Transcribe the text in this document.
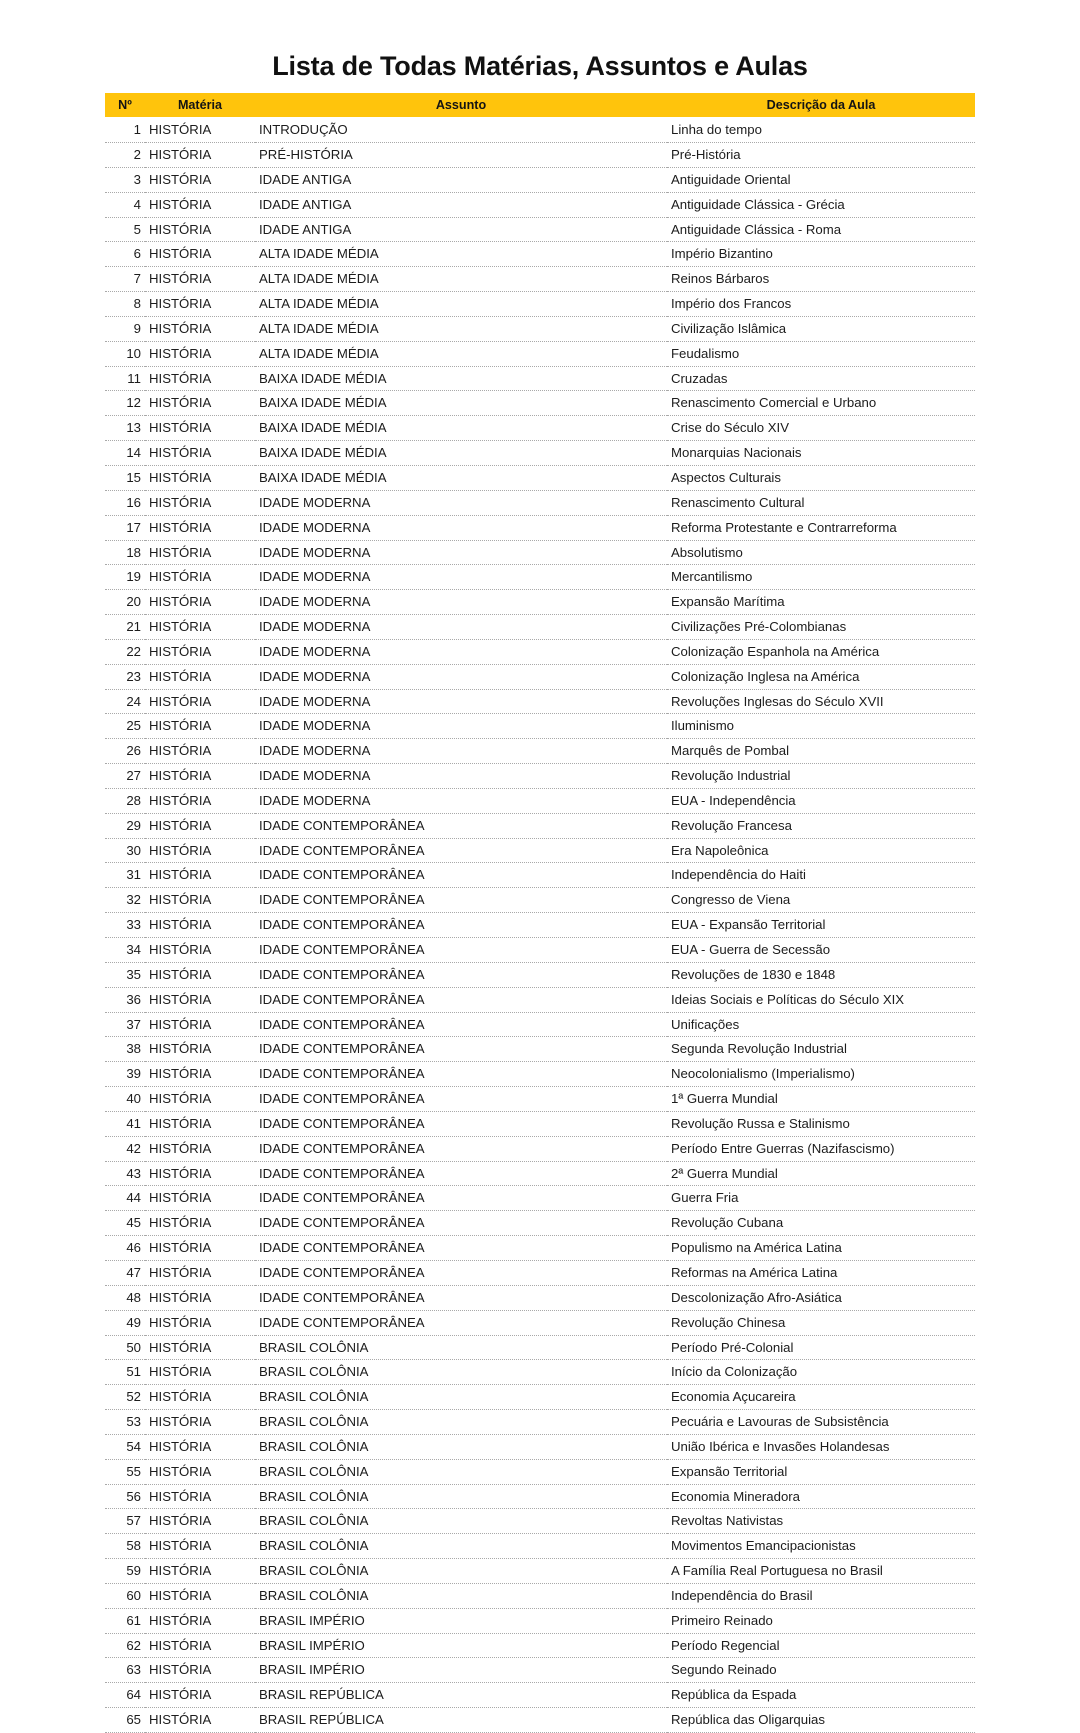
Lista de Todas Matérias, Assuntos e Aulas
Nº	Matéria	Assunto	Descrição da Aula
1	HISTÓRIA	INTRODUÇÃO	Linha do tempo
2	HISTÓRIA	PRÉ-HISTÓRIA	Pré-História
3	HISTÓRIA	IDADE ANTIGA	Antiguidade Oriental
4	HISTÓRIA	IDADE ANTIGA	Antiguidade Clássica - Grécia
5	HISTÓRIA	IDADE ANTIGA	Antiguidade Clássica - Roma
6	HISTÓRIA	ALTA IDADE MÉDIA	Império Bizantino
7	HISTÓRIA	ALTA IDADE MÉDIA	Reinos Bárbaros
8	HISTÓRIA	ALTA IDADE MÉDIA	Império dos Francos
9	HISTÓRIA	ALTA IDADE MÉDIA	Civilização Islâmica
10	HISTÓRIA	ALTA IDADE MÉDIA	Feudalismo
11	HISTÓRIA	BAIXA IDADE MÉDIA	Cruzadas
12	HISTÓRIA	BAIXA IDADE MÉDIA	Renascimento Comercial e Urbano
13	HISTÓRIA	BAIXA IDADE MÉDIA	Crise do Século XIV
14	HISTÓRIA	BAIXA IDADE MÉDIA	Monarquias Nacionais
15	HISTÓRIA	BAIXA IDADE MÉDIA	Aspectos Culturais
16	HISTÓRIA	IDADE MODERNA	Renascimento Cultural
17	HISTÓRIA	IDADE MODERNA	Reforma Protestante e Contrarreforma
18	HISTÓRIA	IDADE MODERNA	Absolutismo
19	HISTÓRIA	IDADE MODERNA	Mercantilismo
20	HISTÓRIA	IDADE MODERNA	Expansão Marítima
21	HISTÓRIA	IDADE MODERNA	Civilizações Pré-Colombianas
22	HISTÓRIA	IDADE MODERNA	Colonização Espanhola na América
23	HISTÓRIA	IDADE MODERNA	Colonização Inglesa na América
24	HISTÓRIA	IDADE MODERNA	Revoluções Inglesas do Século XVII
25	HISTÓRIA	IDADE MODERNA	Iluminismo
26	HISTÓRIA	IDADE MODERNA	Marquês de Pombal
27	HISTÓRIA	IDADE MODERNA	Revolução Industrial
28	HISTÓRIA	IDADE MODERNA	EUA - Independência
29	HISTÓRIA	IDADE CONTEMPORÂNEA	Revolução Francesa
30	HISTÓRIA	IDADE CONTEMPORÂNEA	Era Napoleônica
31	HISTÓRIA	IDADE CONTEMPORÂNEA	Independência do Haiti
32	HISTÓRIA	IDADE CONTEMPORÂNEA	Congresso de Viena
33	HISTÓRIA	IDADE CONTEMPORÂNEA	EUA - Expansão Territorial
34	HISTÓRIA	IDADE CONTEMPORÂNEA	EUA - Guerra de Secessão
35	HISTÓRIA	IDADE CONTEMPORÂNEA	Revoluções de 1830 e 1848
36	HISTÓRIA	IDADE CONTEMPORÂNEA	Ideias Sociais e Políticas do Século XIX
37	HISTÓRIA	IDADE CONTEMPORÂNEA	Unificações
38	HISTÓRIA	IDADE CONTEMPORÂNEA	Segunda Revolução Industrial
39	HISTÓRIA	IDADE CONTEMPORÂNEA	Neocolonialismo (Imperialismo)
40	HISTÓRIA	IDADE CONTEMPORÂNEA	1ª Guerra Mundial
41	HISTÓRIA	IDADE CONTEMPORÂNEA	Revolução Russa e Stalinismo
42	HISTÓRIA	IDADE CONTEMPORÂNEA	Período Entre Guerras (Nazifascismo)
43	HISTÓRIA	IDADE CONTEMPORÂNEA	2ª Guerra Mundial
44	HISTÓRIA	IDADE CONTEMPORÂNEA	Guerra Fria
45	HISTÓRIA	IDADE CONTEMPORÂNEA	Revolução Cubana
46	HISTÓRIA	IDADE CONTEMPORÂNEA	Populismo na América Latina
47	HISTÓRIA	IDADE CONTEMPORÂNEA	Reformas na América Latina
48	HISTÓRIA	IDADE CONTEMPORÂNEA	Descolonização Afro-Asiática
49	HISTÓRIA	IDADE CONTEMPORÂNEA	Revolução Chinesa
50	HISTÓRIA	BRASIL COLÔNIA	Período Pré-Colonial
51	HISTÓRIA	BRASIL COLÔNIA	Início da Colonização
52	HISTÓRIA	BRASIL COLÔNIA	Economia Açucareira
53	HISTÓRIA	BRASIL COLÔNIA	Pecuária e Lavouras de Subsistência
54	HISTÓRIA	BRASIL COLÔNIA	União Ibérica e Invasões Holandesas
55	HISTÓRIA	BRASIL COLÔNIA	Expansão Territorial
56	HISTÓRIA	BRASIL COLÔNIA	Economia Mineradora
57	HISTÓRIA	BRASIL COLÔNIA	Revoltas Nativistas
58	HISTÓRIA	BRASIL COLÔNIA	Movimentos Emancipacionistas
59	HISTÓRIA	BRASIL COLÔNIA	A Família Real Portuguesa no Brasil
60	HISTÓRIA	BRASIL COLÔNIA	Independência do Brasil
61	HISTÓRIA	BRASIL IMPÉRIO	Primeiro Reinado
62	HISTÓRIA	BRASIL IMPÉRIO	Período Regencial
63	HISTÓRIA	BRASIL IMPÉRIO	Segundo Reinado
64	HISTÓRIA	BRASIL REPÚBLICA	República da Espada
65	HISTÓRIA	BRASIL REPÚBLICA	República das Oligarquias
